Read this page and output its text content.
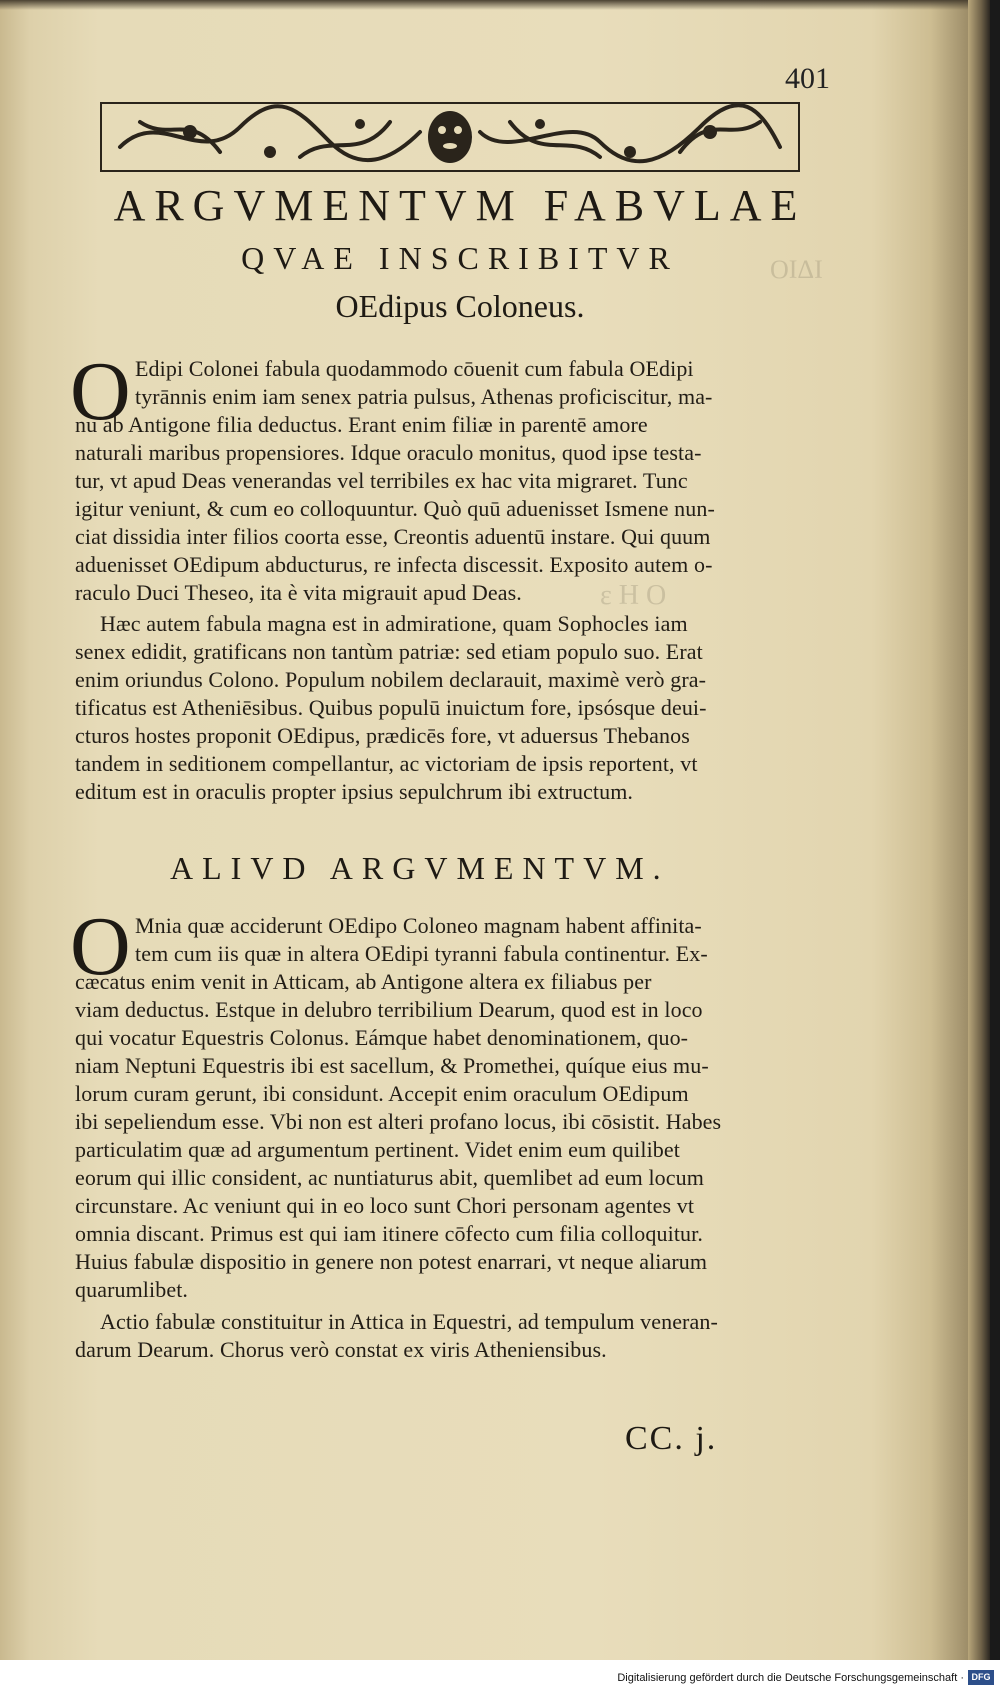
ε Η Ο
ΟΙΔΙ
401
ARGVMENTVM FABVLAE
QVAE INSCRIBITVR
OEdipus Coloneus.
O Edipi Colonei fabula quodammodo cōuenit cum fabula OEdipi
tyrānnis enim iam senex patria pulsus, Athenas proficiscitur, ma-
nu ab Antigone filia deductus. Erant enim filiæ in parentē amore
naturali maribus propensiores. Idque oraculo monitus, quod ipse testa-
tur, vt apud Deas venerandas vel terribiles ex hac vita migraret. Tunc
igitur veniunt, & cum eo colloquuntur. Quò quū aduenisset Ismene nun-
ciat dissidia inter filios coorta esse, Creontis aduentū instare. Qui quum
aduenisset OEdipum abducturus, re infecta discessit. Exposito autem o-
raculo Duci Theseo, ita è vita migrauit apud Deas.
Hæc autem fabula magna est in admiratione, quam Sophocles iam
senex edidit, gratificans non tantùm patriæ: sed etiam populo suo. Erat
enim oriundus Colono. Populum nobilem declarauit, maximè verò gra-
tificatus est Atheniēsibus. Quibus populū inuictum fore, ipsósque deui-
cturos hostes proponit OEdipus, prædicēs fore, vt aduersus Thebanos
tandem in seditionem compellantur, ac victoriam de ipsis reportent, vt
editum est in oraculis propter ipsius sepulchrum ibi extructum.
ALIVD ARGVMENTVM.
O Mnia quæ acciderunt OEdipo Coloneo magnam habent affinita-
tem cum iis quæ in altera OEdipi tyranni fabula continentur. Ex-
cæcatus enim venit in Atticam, ab Antigone altera ex filiabus per
viam deductus. Estque in delubro terribilium Dearum, quod est in loco
qui vocatur Equestris Colonus. Eámque habet denominationem, quo-
niam Neptuni Equestris ibi est sacellum, & Promethei, quíque eius mu-
lorum curam gerunt, ibi considunt. Accepit enim oraculum OEdipum
ibi sepeliendum esse. Vbi non est alteri profano locus, ibi cōsistit. Habes
particulatim quæ ad argumentum pertinent. Videt enim eum quilibet
eorum qui illic consident, ac nuntiaturus abit, quemlibet ad eum locum
circunstare. Ac veniunt qui in eo loco sunt Chori personam agentes vt
omnia discant. Primus est qui iam itinere cōfecto cum filia colloquitur.
Huius fabulæ dispositio in genere non potest enarrari, vt neque aliarum
quarumlibet.
Actio fabulæ constituitur in Attica in Equestri, ad tempulum veneran-
darum Dearum. Chorus verò constat ex viris Atheniensibus.
CC. j.
Digitalisierung gefördert durch die Deutsche Forschungsgemeinschaft · DFG
